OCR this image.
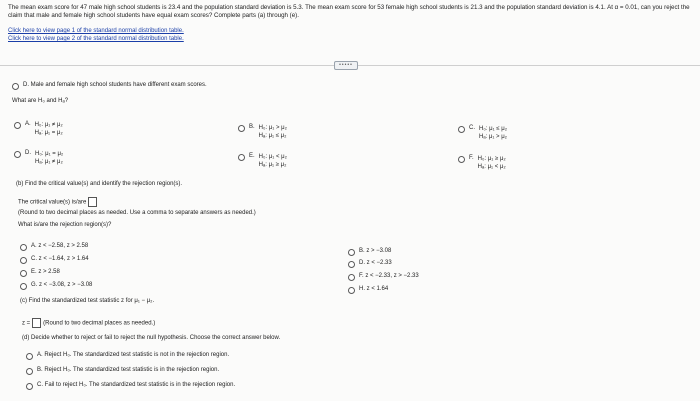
The mean exam score for 47 male high school students is 23.4 and the population standard deviation is 5.3. The mean exam score for 53 female high school students is 21.3 and the population standard deviation is 4.1. At α = 0.01, can you reject the claim that male and female high school students have equal exam scores? Complete parts (a) through (e).
Click here to view page 1 of the standard normal distribution table.
Click here to view page 2 of the standard normal distribution table.
•••••
D. Male and female high school students have different exam scores.
What are H₀ and Hₐ?
A. H₀: μ₁ ≠ μ₂
Hₐ: μ₁ = μ₂
B. H₀: μ₁ > μ₂
Hₐ: μ₁ ≤ μ₂
C. H₀: μ₁ ≤ μ₂
Hₐ: μ₁ > μ₂
D. H₀: μ₁ = μ₂
Hₐ: μ₁ ≠ μ₂
E. H₀: μ₁ < μ₂
Hₐ: μ₁ ≥ μ₂
F. H₀: μ₁ ≥ μ₂
Hₐ: μ₁ < μ₂
(b) Find the critical value(s) and identify the rejection region(s).
The critical value(s) is/are
(Round to two decimal places as needed. Use a comma to separate answers as needed.)
What is/are the rejection region(s)?
A. z < −2.58, z > 2.58
C. z < −1.64, z > 1.64
E. z > 2.58
G. z < −3.08, z > −3.08
B. z > −3.08
D. z < −2.33
F. z < −2.33, z > −2.33
H. z < 1.64
(c) Find the standardized test statistic z for μ₁ − μ₂.
z = (Round to two decimal places as needed.)
(d) Decide whether to reject or fail to reject the null hypothesis. Choose the correct answer below.
A. Reject H₀. The standardized test statistic is not in the rejection region.
B. Reject H₀. The standardized test statistic is in the rejection region.
C. Fail to reject H₀. The standardized test statistic is in the rejection region.
